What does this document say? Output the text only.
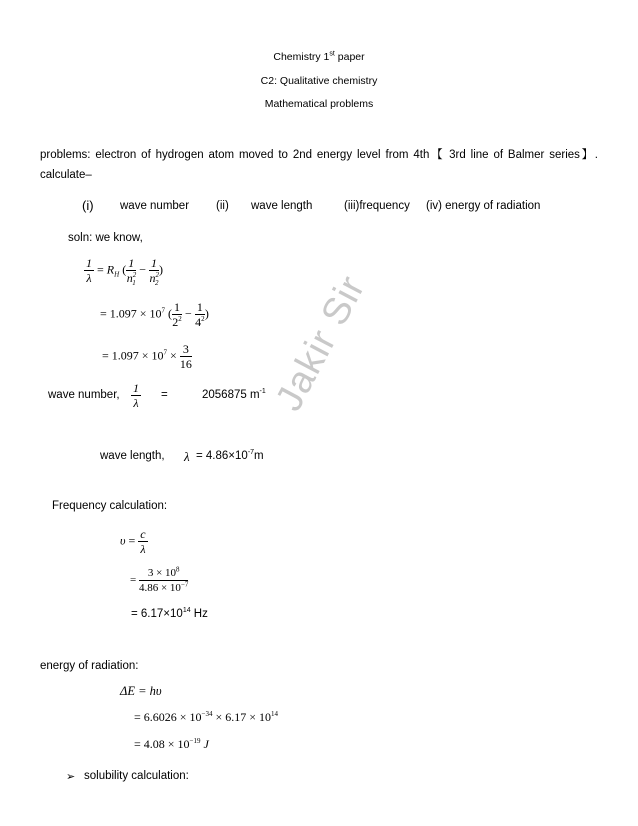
Chemistry 1st paper
C2: Qualitative chemistry
Mathematical problems
problems: electron of hydrogen atom moved to 2nd energy level from 4th【 3rd line of Balmer series】. calculate–
(i) wave number (ii) wave length	(iii)frequency (iv) energy of radiation
soln: we know,
$\frac{1}{\lambda} = R_H$ ( $\frac{1}{n^2_1} - \frac{1}{n^2_2}$ )
= $1.097 \times 10^7$ ( $\frac{1}{2^2} - \frac{1}{4^2}$ )
= $1.097 \times 10^7 \times \frac{3}{16}$
wave number, $\frac{1}{\lambda}$ =	2056875 $m^{-1}$
wave length, $\lambda = 4.86\times 10^{-7}m$
Jakir Sir
Frequency calculation:
$\upsilon = \frac{c}{\lambda}$
= $\frac{3 \times 10^8}{4.86 \times 10^{-7}}$
= $6.17\times 10^{14}$ Hz
energy of radiation:
ΔE = hυ
= $6.6026 \times 10^{-34} \times 6.17 \times 10^{14}$
= $4.08 \times 10^{-19}$ J
➢ solubility calculation:
